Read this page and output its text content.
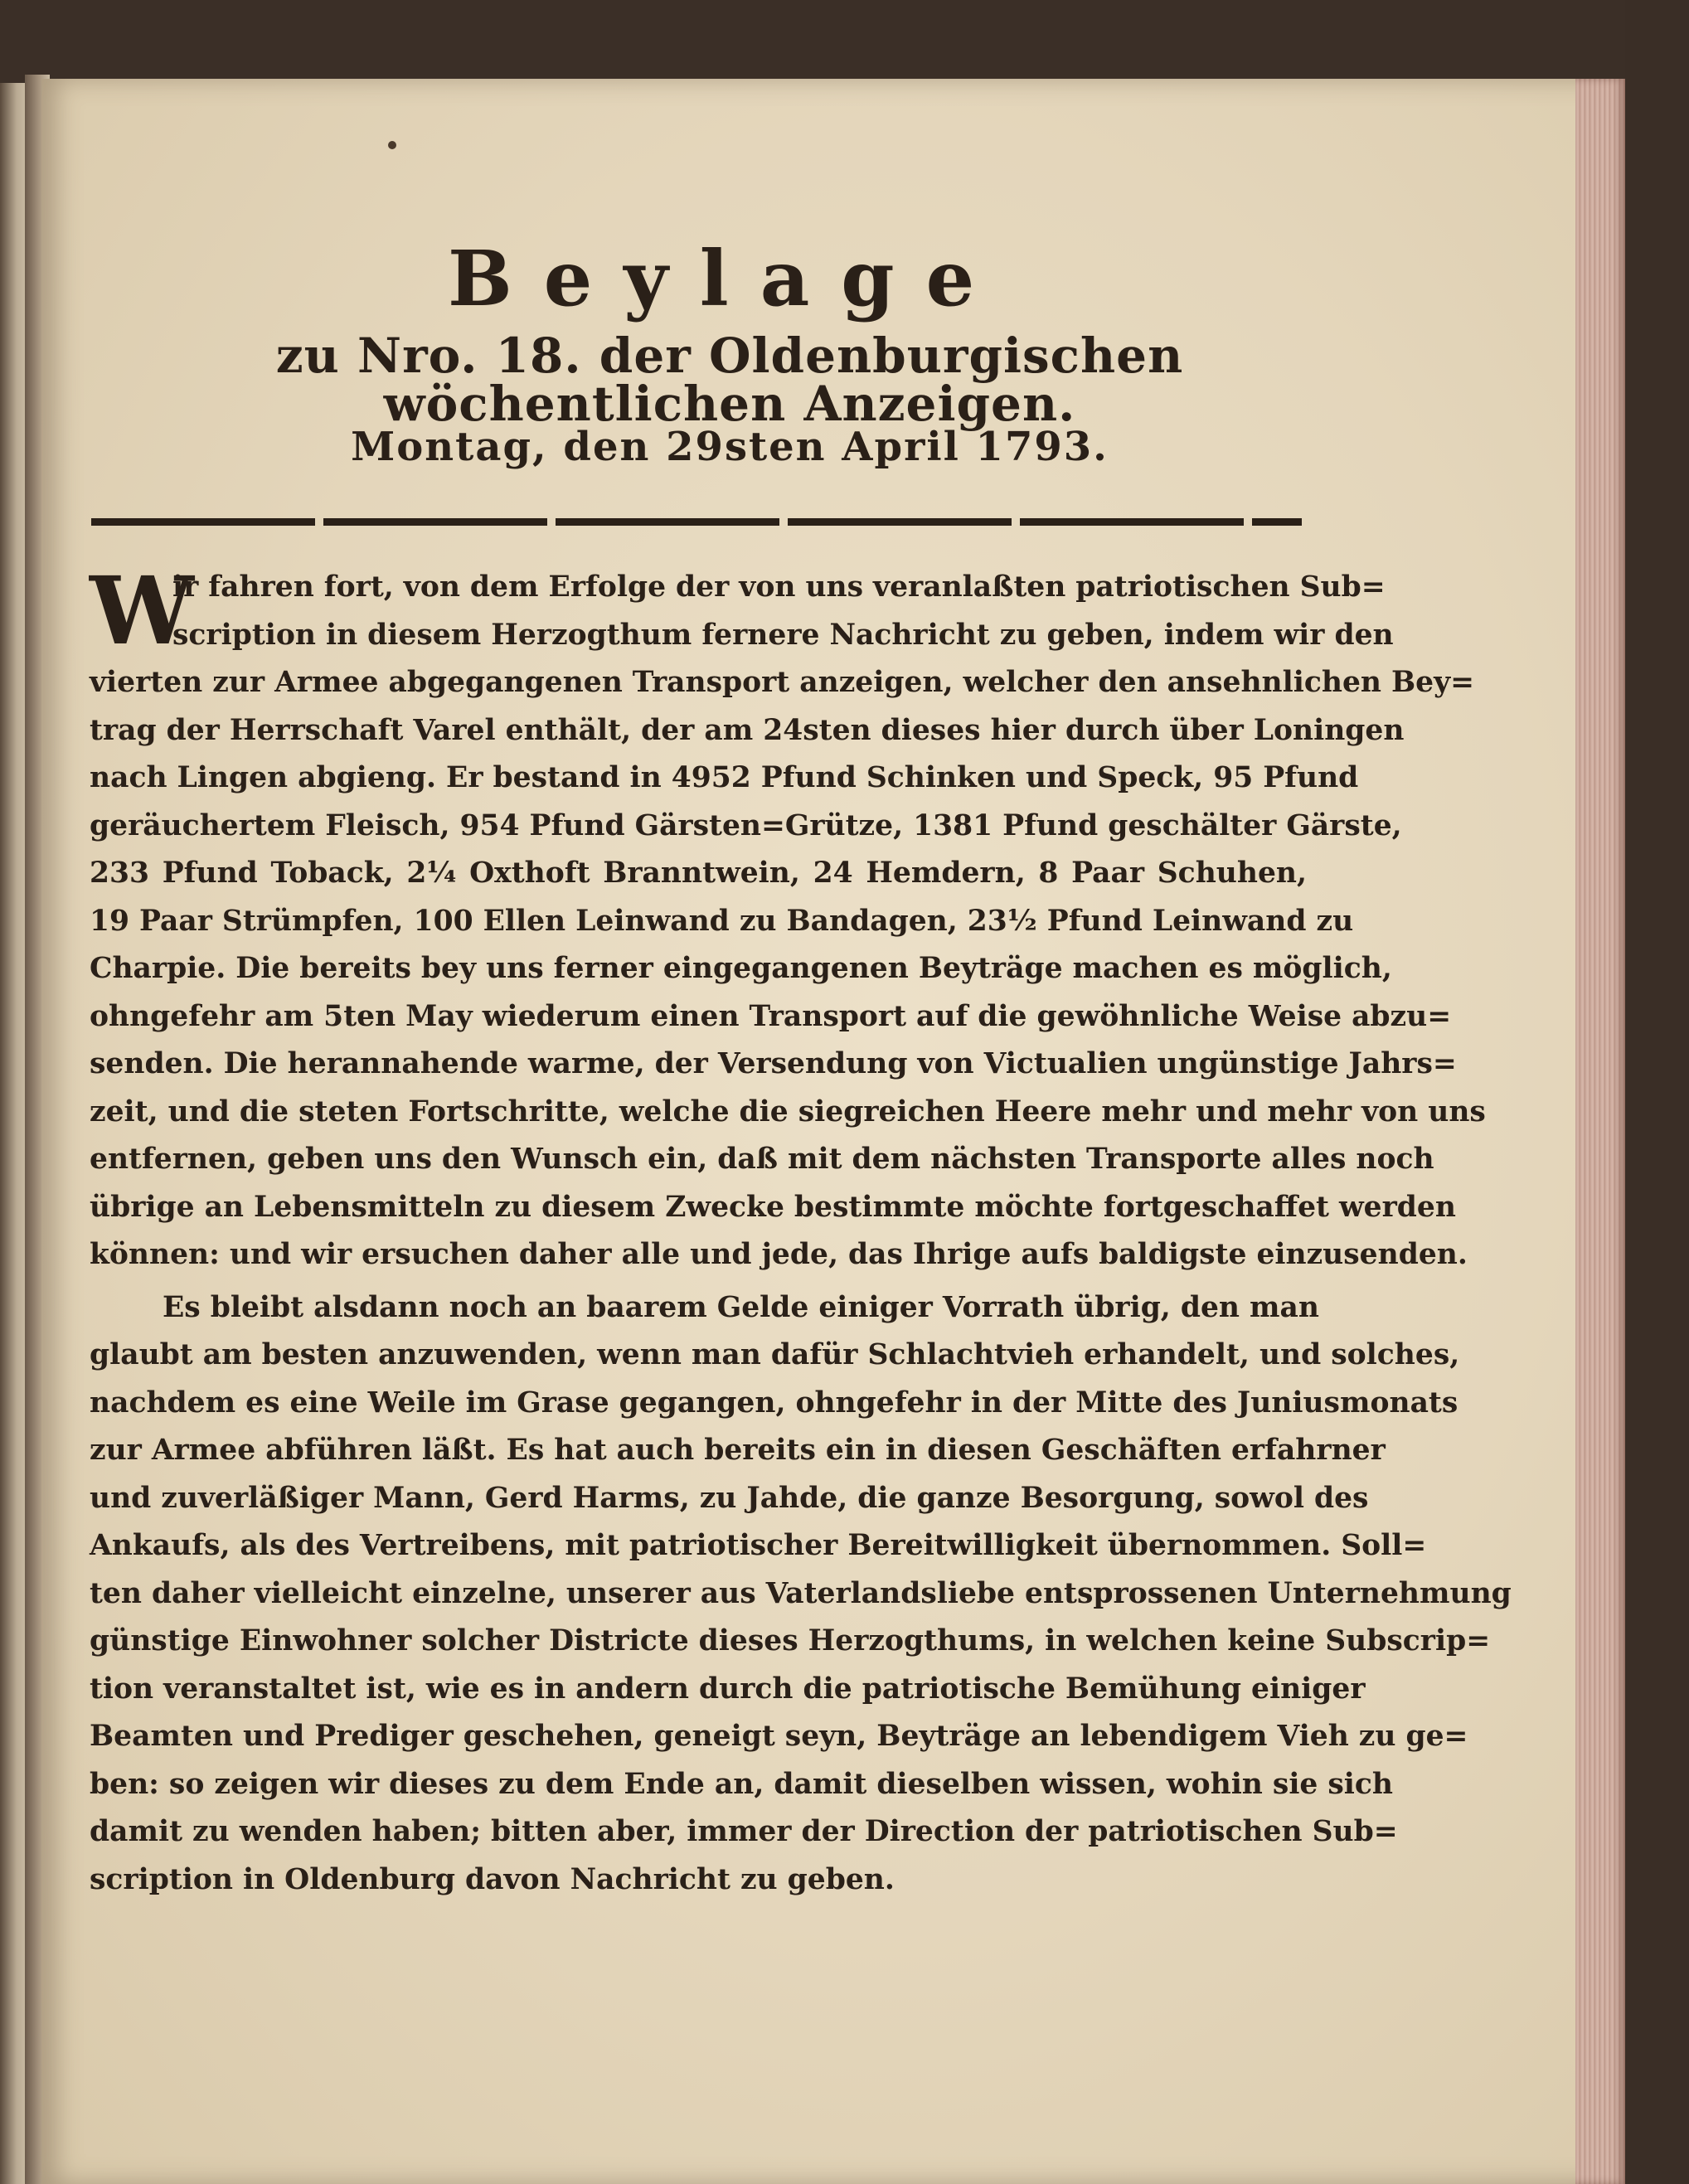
Beylage
zu Nro. 18. der Oldenburgischen wöchentlichen Anzeigen.
Montag, den 29sten April 1793.
W
ir fahren fort, von dem Erfolge der von uns veranlaßten patriotischen Sub=
scription in diesem Herzogthum fernere Nachricht zu geben, indem wir den
vierten zur Armee abgegangenen Transport anzeigen, welcher den ansehnlichen Bey=
trag der Herrschaft Varel enthält, der am 24sten dieses hier durch über Loningen
nach Lingen abgieng. Er bestand in 4952 Pfund Schinken und Speck, 95 Pfund
geräuchertem Fleisch, 954 Pfund Gärsten=Grütze, 1381 Pfund geschälter Gärste,
233 Pfund Toback, 2¼ Oxthoft Branntwein, 24 Hemdern, 8 Paar Schuhen,
19 Paar Strümpfen, 100 Ellen Leinwand zu Bandagen, 23½ Pfund Leinwand zu
Charpie. Die bereits bey uns ferner eingegangenen Beyträge machen es möglich,
ohngefehr am 5ten May wiederum einen Transport auf die gewöhnliche Weise abzu=
senden. Die herannahende warme, der Versendung von Victualien ungünstige Jahrs=
zeit, und die steten Fortschritte, welche die siegreichen Heere mehr und mehr von uns
entfernen, geben uns den Wunsch ein, daß mit dem nächsten Transporte alles noch
übrige an Lebensmitteln zu diesem Zwecke bestimmte möchte fortgeschaffet werden
können: und wir ersuchen daher alle und jede, das Ihrige aufs baldigste einzusenden.
Es bleibt alsdann noch an baarem Gelde einiger Vorrath übrig, den man
glaubt am besten anzuwenden, wenn man dafür Schlachtvieh erhandelt, und solches,
nachdem es eine Weile im Grase gegangen, ohngefehr in der Mitte des Juniusmonats
zur Armee abführen läßt. Es hat auch bereits ein in diesen Geschäften erfahrner
und zuverläßiger Mann, Gerd Harms, zu Jahde, die ganze Besorgung, sowol des
Ankaufs, als des Vertreibens, mit patriotischer Bereitwilligkeit übernommen. Soll=
ten daher vielleicht einzelne, unserer aus Vaterlandsliebe entsprossenen Unternehmung
günstige Einwohner solcher Districte dieses Herzogthums, in welchen keine Subscrip=
tion veranstaltet ist, wie es in andern durch die patriotische Bemühung einiger
Beamten und Prediger geschehen, geneigt seyn, Beyträge an lebendigem Vieh zu ge=
ben: so zeigen wir dieses zu dem Ende an, damit dieselben wissen, wohin sie sich
damit zu wenden haben; bitten aber, immer der Direction der patriotischen Sub=
scription in Oldenburg davon Nachricht zu geben.
